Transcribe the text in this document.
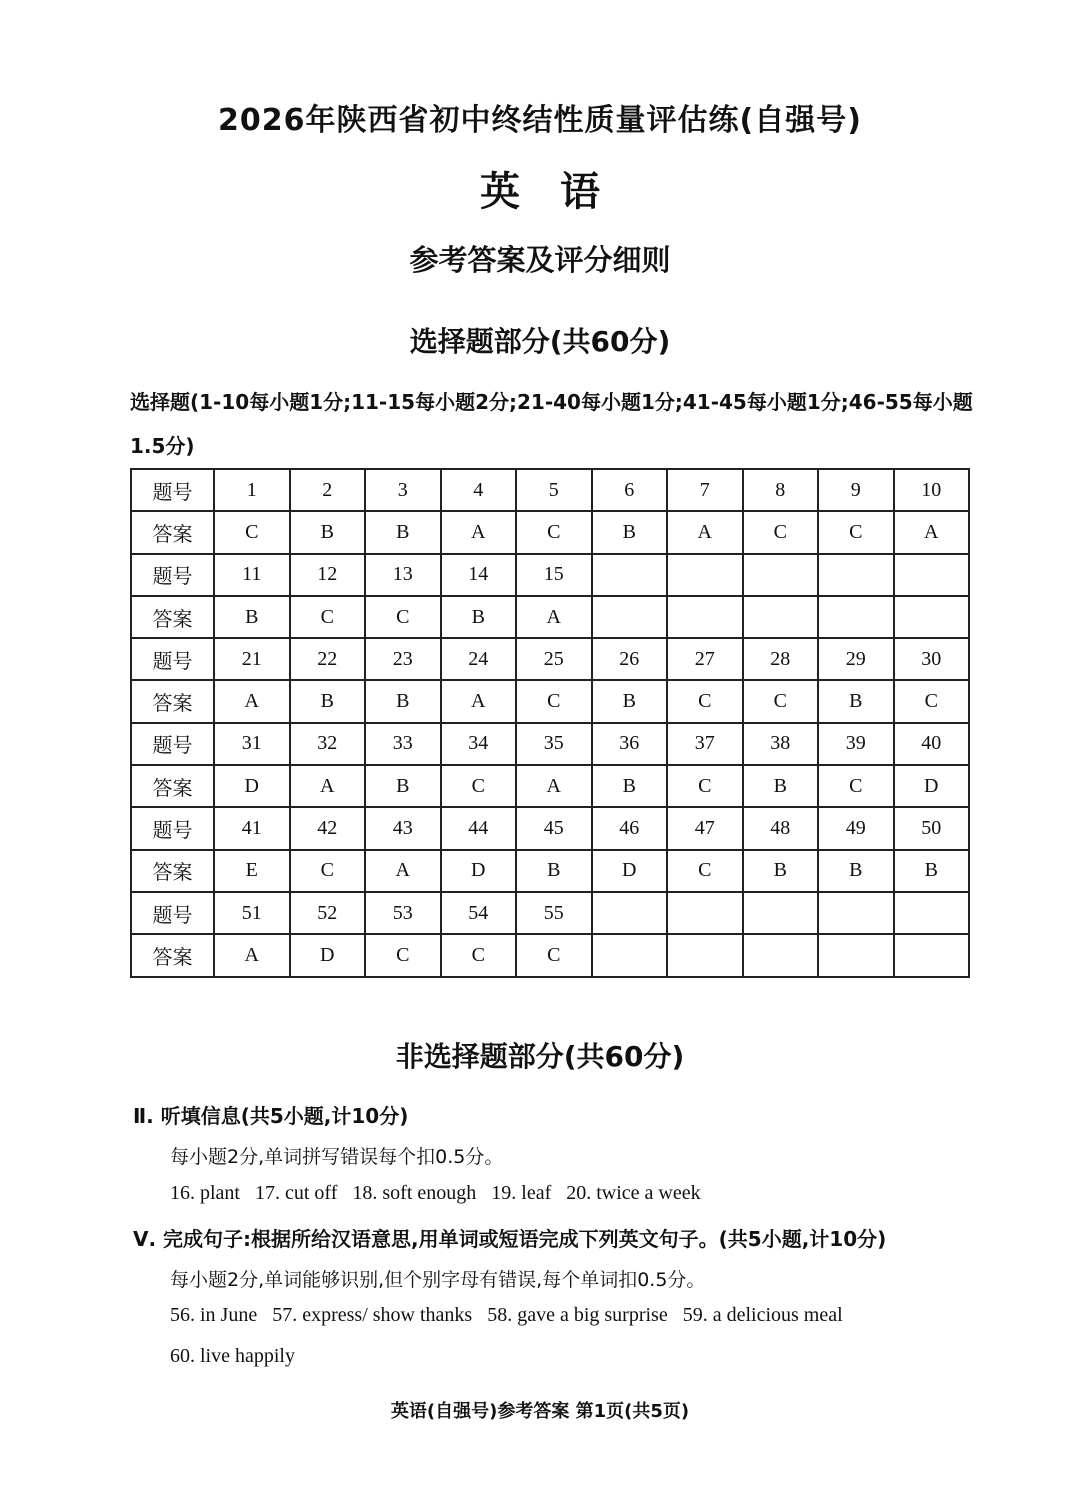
2026年陕西省初中终结性质量评估练(自强号)
英语
参考答案及评分细则
选择题部分(共60分)
选择题(1-10每小题1分;11-15每小题2分;21-40每小题1分;41-45每小题1分;46-55每小题1.5分)
题号	1	2	3	4	5	6	7	8	9	10
答案	C	B	B	A	C	B	A	C	C	A
题号	11	12	13	14	15					
答案	B	C	C	B	A					
题号	21	22	23	24	25	26	27	28	29	30
答案	A	B	B	A	C	B	C	C	B	C
题号	31	32	33	34	35	36	37	38	39	40
答案	D	A	B	C	A	B	C	B	C	D
题号	41	42	43	44	45	46	47	48	49	50
答案	E	C	A	D	B	D	C	B	B	B
题号	51	52	53	54	55					
答案	A	D	C	C	C					
非选择题部分(共60分)
Ⅱ. 听填信息(共5小题,计10分)
每小题2分,单词拼写错误每个扣0.5分。
16. plant   17. cut off   18. soft enough   19. leaf   20. twice a week
Ⅴ. 完成句子:根据所给汉语意思,用单词或短语完成下列英文句子。(共5小题,计10分)
每小题2分,单词能够识别,但个别字母有错误,每个单词扣0.5分。
56. in June   57. express/ show thanks   58. gave a big surprise   59. a delicious meal
60. live happily
英语(自强号)参考答案 第1页(共5页)
